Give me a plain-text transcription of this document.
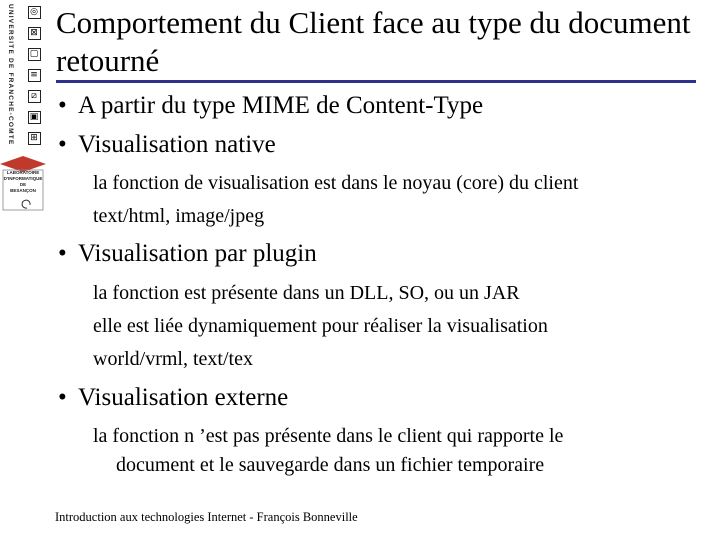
UNIVERSITE DE FRANCHE-COMTE ◎
⊠
▢
≡
⧄
▣
⊞
LABORATOIRE
D'INFORMATIQUE
DE
BESANÇON
Comportement du Client face au type du document retourné
• A partir du type MIME de Content-Type
• Visualisation native
la fonction de visualisation est dans le noyau (core) du client
text/html, image/jpeg
• Visualisation par plugin
la fonction est présente dans un DLL, SO, ou un JAR
elle est liée dynamiquement pour réaliser la visualisation
world/vrml, text/tex
• Visualisation externe
la fonction n ’est pas présente dans le client qui rapporte le
document et le sauvegarde dans un fichier temporaire
Introduction aux technologies Internet - François Bonneville
